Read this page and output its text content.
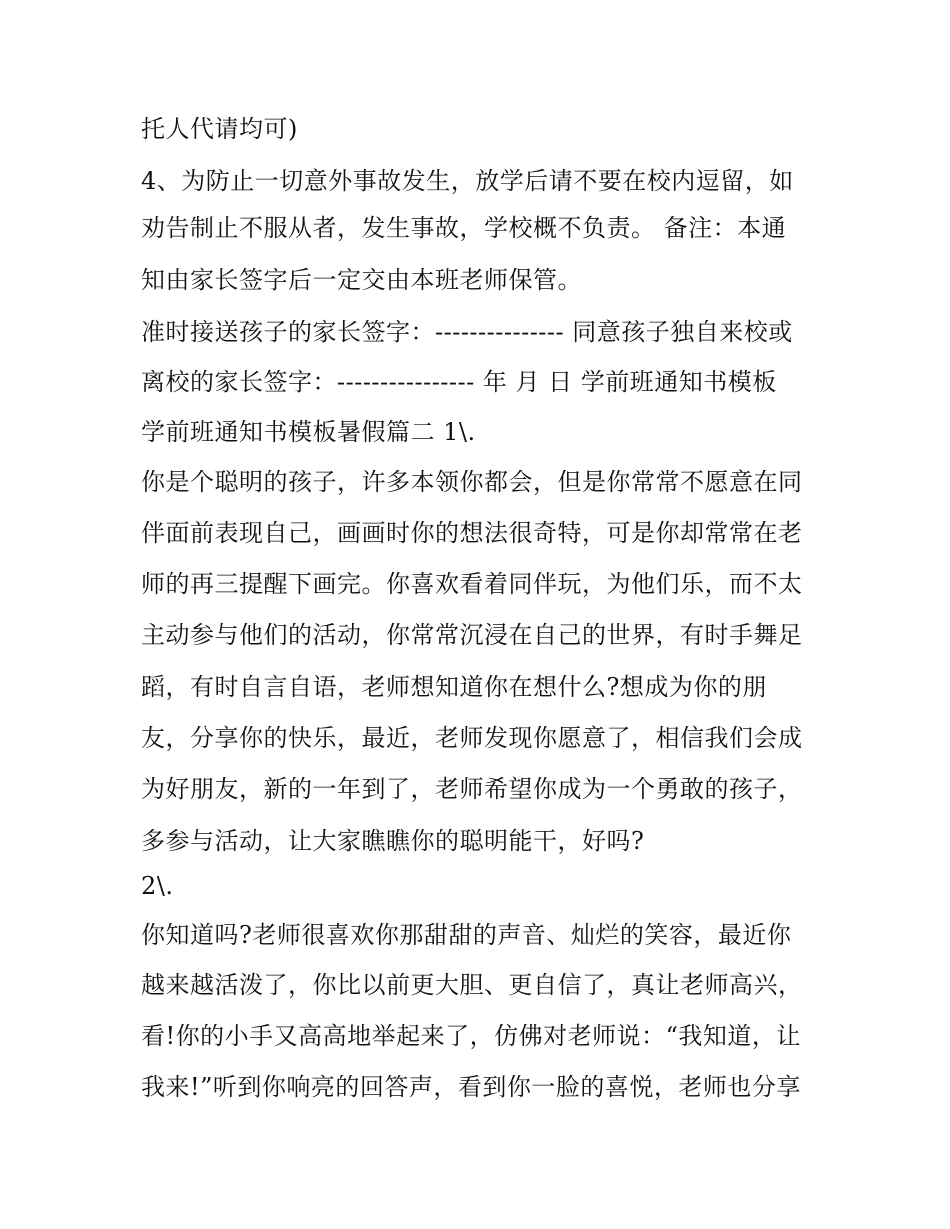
托人代请均可)
4、为防止一切意外事故发生，放学后请不要在校内逗留，如
劝告制止不服从者，发生事故，学校概不负责。 备注：本通
知由家长签字后一定交由本班老师保管。
准时接送孩子的家长签字：--------------- 同意孩子独自来校或
离校的家长签字：---------------- 年 月 日 学前班通知书模板
学前班通知书模板暑假篇二 1\.
你是个聪明的孩子，许多本领你都会，但是你常常不愿意在同
伴面前表现自己，画画时你的想法很奇特，可是你却常常在老
师的再三提醒下画完。你喜欢看着同伴玩，为他们乐，而不太
主动参与他们的活动，你常常沉浸在自己的世界，有时手舞足
蹈，有时自言自语，老师想知道你在想什么?想成为你的朋
友，分享你的快乐，最近，老师发现你愿意了，相信我们会成
为好朋友，新的一年到了，老师希望你成为一个勇敢的孩子，
多参与活动，让大家瞧瞧你的聪明能干，好吗?
2\.
你知道吗?老师很喜欢你那甜甜的声音、灿烂的笑容，最近你
越来越活泼了，你比以前更大胆、更自信了，真让老师高兴，
看!你的小手又高高地举起来了，仿佛对老师说：“我知道，让
我来!”听到你响亮的回答声，看到你一脸的喜悦，老师也分享
